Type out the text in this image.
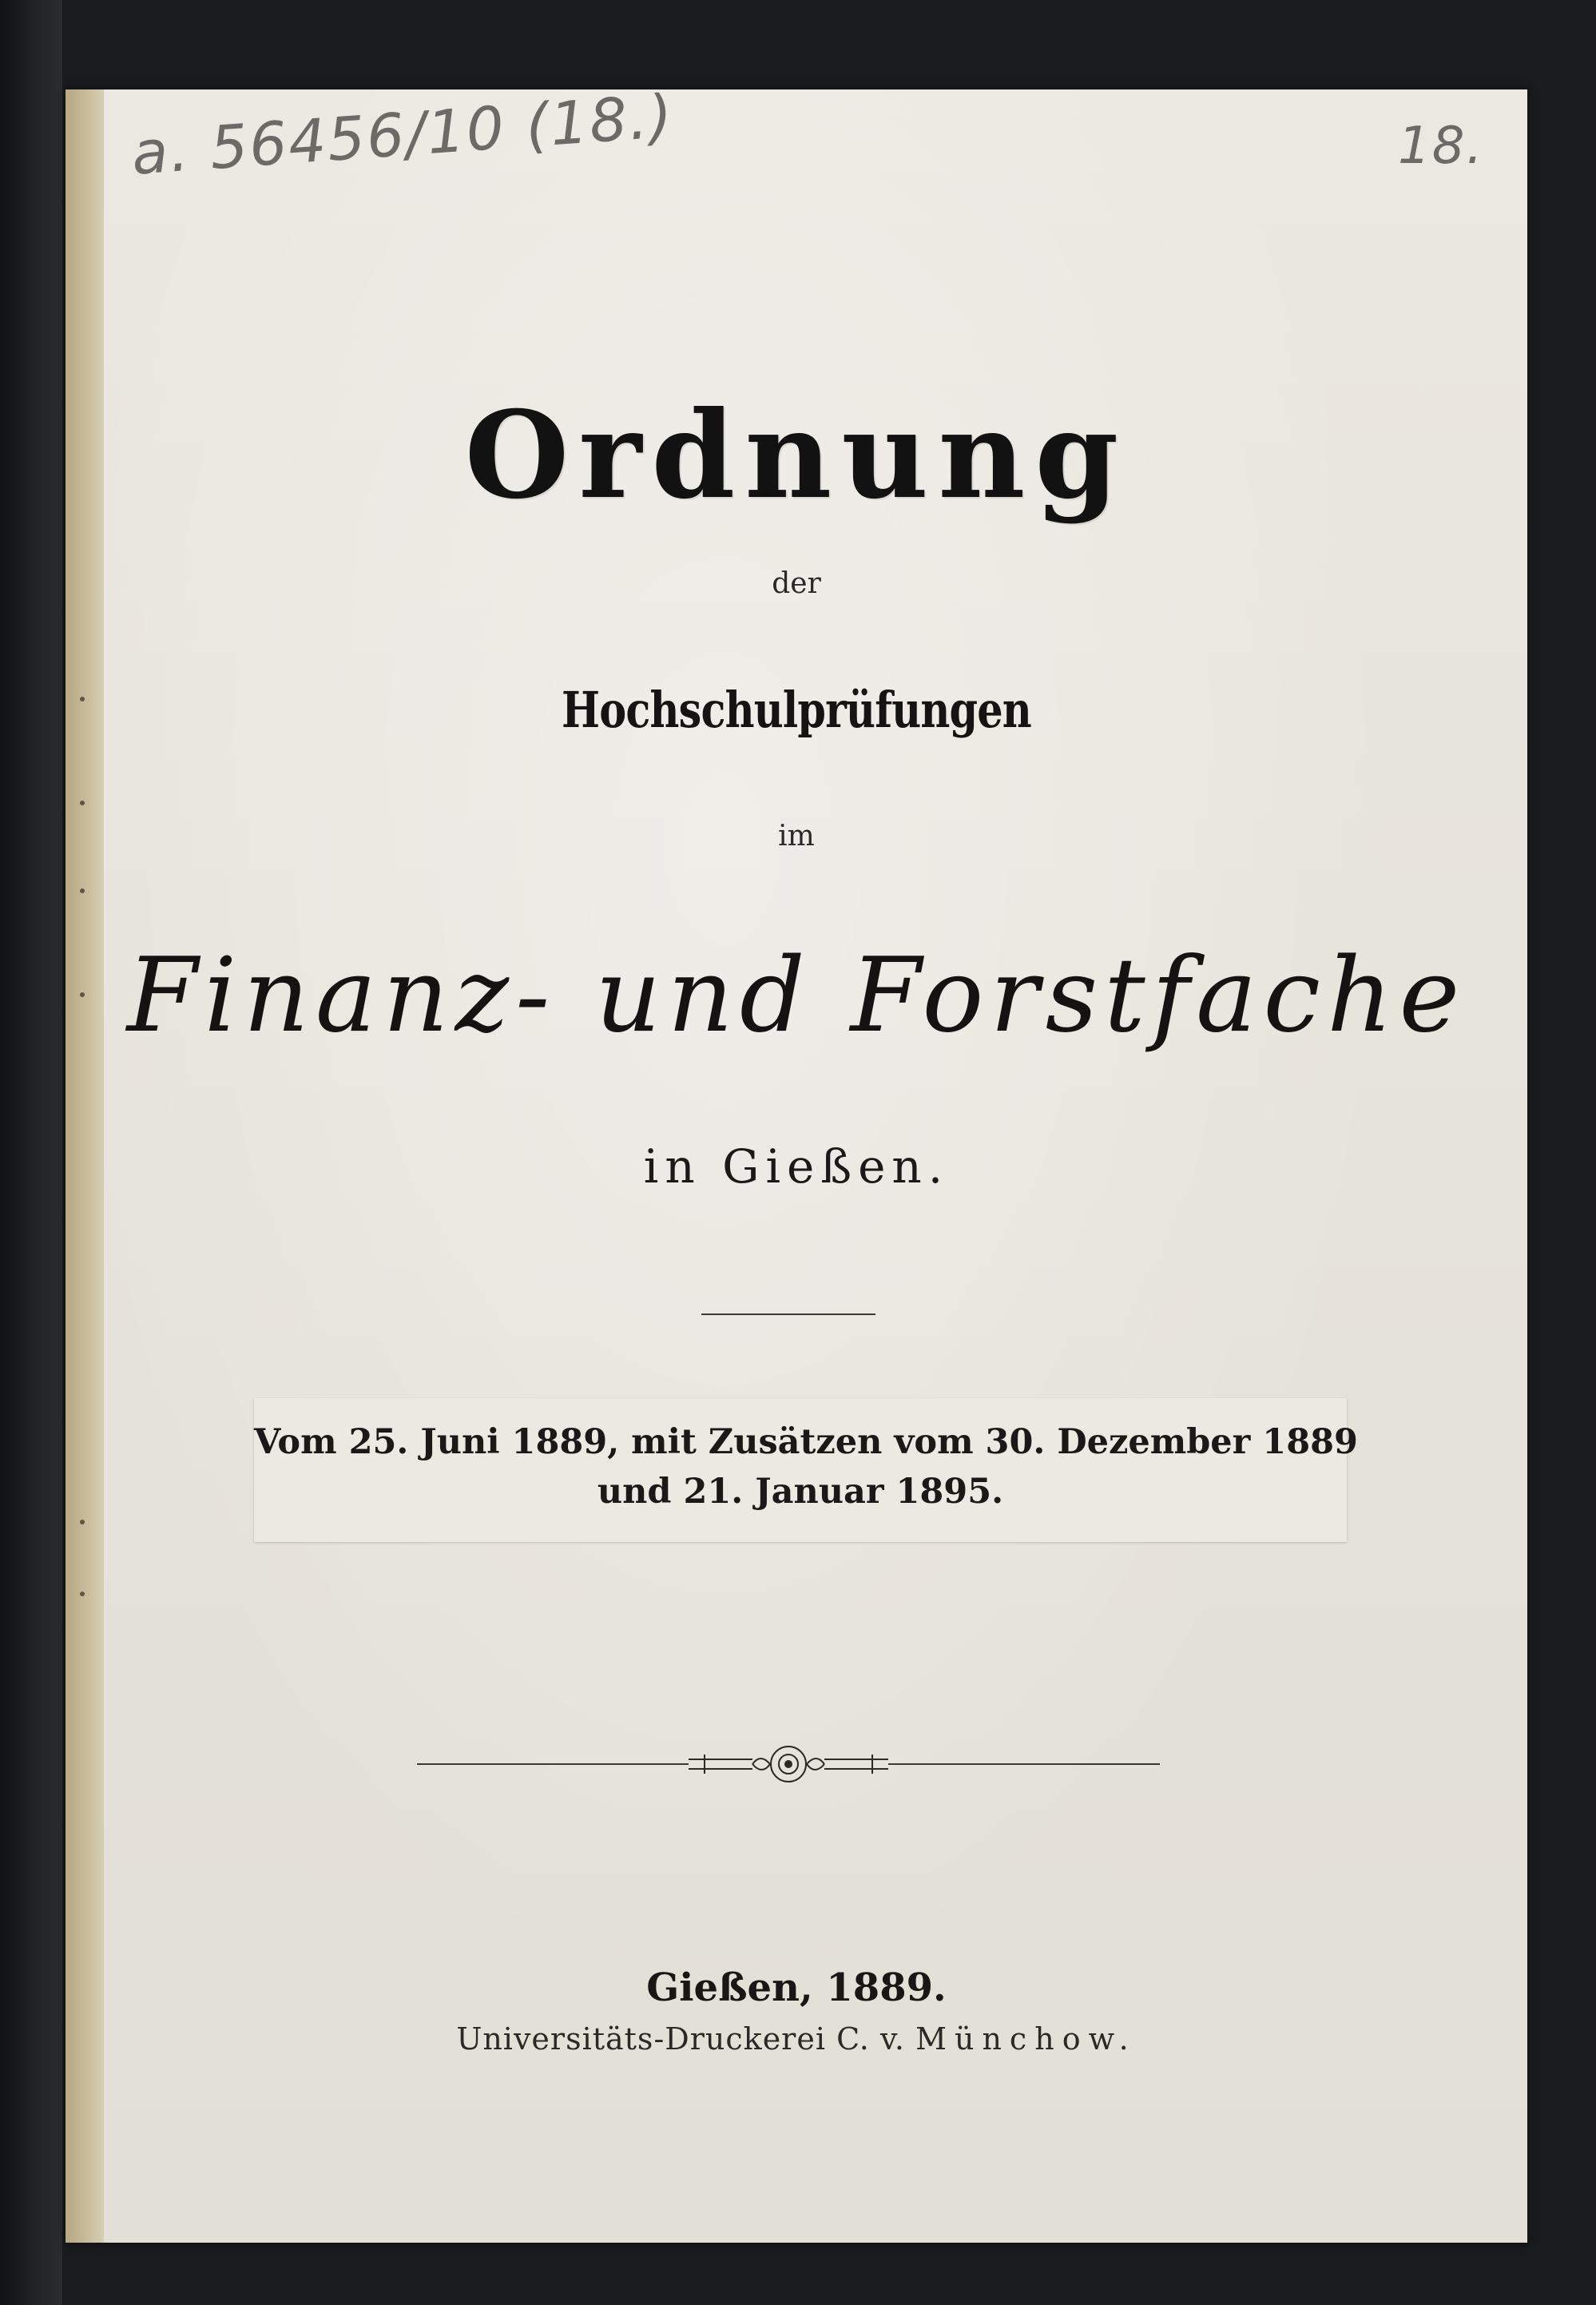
a. 56456/10 (18.)	18.
Ordnung
der
Hochschulprüfungen
im
Finanz- und Forstfache
in Gießen.
Vom 25. Juni 1889, mit Zusätzen vom 30. Dezember 1889
und 21. Januar 1895.
Gießen, 1889.
Universitäts-Druckerei C. v. Münchow.
